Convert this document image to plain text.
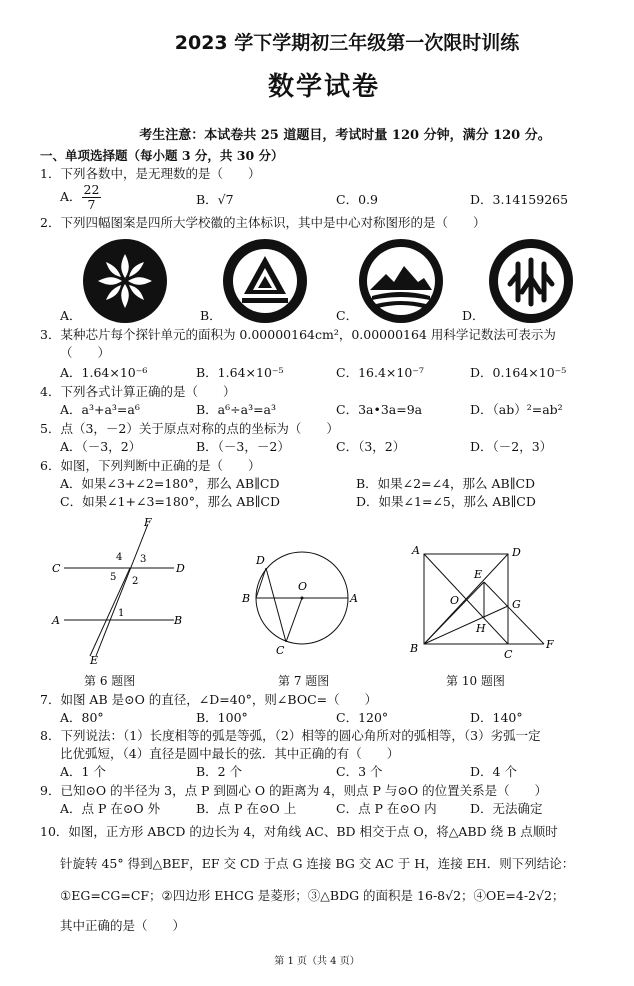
2023 学下学期初三年级第一次限时训练
数学试卷
考生注意：本试卷共 25 道题目，考试时量 120 分钟，满分 120 分。
一、单项选择题（每小题 3 分，共 30 分）
1．下列各数中，是无理数的是（　　）
A． $\frac{22}{7}$	B．√7	C．0.9	D．3.14159265
2．下列四幅图案是四所大学校徽的主体标识，其中是中心对称图形的是（　　）
A．	B．	C．	D．
3．某种芯片每个探针单元的面积为 0.00000164cm²，0.00000164 用科学记数法可表示为
（　　）
A．1.64×10⁻⁶	B．1.64×10⁻⁵	C．16.4×10⁻⁷	D．0.164×10⁻⁵
4．下列各式计算正确的是（　　）
A．a³+a³=a⁶	B．a⁶÷a³=a³	C．3a•3a=9a	D．（ab）²=ab²
5．点（3，－2）关于原点对称的点的坐标为（　　）
A．（－3，2）	B．（－3，－2）	C．（3，2）	D．（－2，3）
6．如图，下列判断中正确的是（　　）
A．如果∠3+∠2=180°，那么 AB∥CD	B．如果∠2=∠4，那么 AB∥CD
C．如果∠1+∠3=180°，那么 AB∥CD	D．如果∠1=∠5，那么 AB∥CD
C	D
A	B
F
E
4 3
5 2
1
第 6 题图
D
O
B	A
C
第 7 题图
A	D
E
O	G
H
B	C
F
第 10 题图
7．如图 AB 是⊙O 的直径，∠D=40°，则∠BOC=（　　）
A．80°	B．100°	C．120°	D．140°
8．下列说法：（1）长度相等的弧是等弧，（2）相等的圆心角所对的弧相等，（3）劣弧一定
比优弧短，（4）直径是圆中最长的弦．其中正确的有（　　）
A．1 个	B．2 个	C．3 个	D．4 个
9．已知⊙O 的半径为 3，点 P 到圆心 O 的距离为 4，则点 P 与⊙O 的位置关系是（　　）
A．点 P 在⊙O 外	B．点 P 在⊙O 上	C．点 P 在⊙O 内	D．无法确定
10．如图，正方形 ABCD 的边长为 4，对角线 AC、BD 相交于点 O，将△ABD 绕 B 点顺时
针旋转 45° 得到△BEF，EF 交 CD 于点 G 连接 BG 交 AC 于 H，连接 EH．则下列结论：
①EG=CG=CF；②四边形 EHCG 是菱形；③△BDG 的面积是 16-8√2；④OE=4-2√2；
其中正确的是（　　）
第 1 页（共 4 页）
